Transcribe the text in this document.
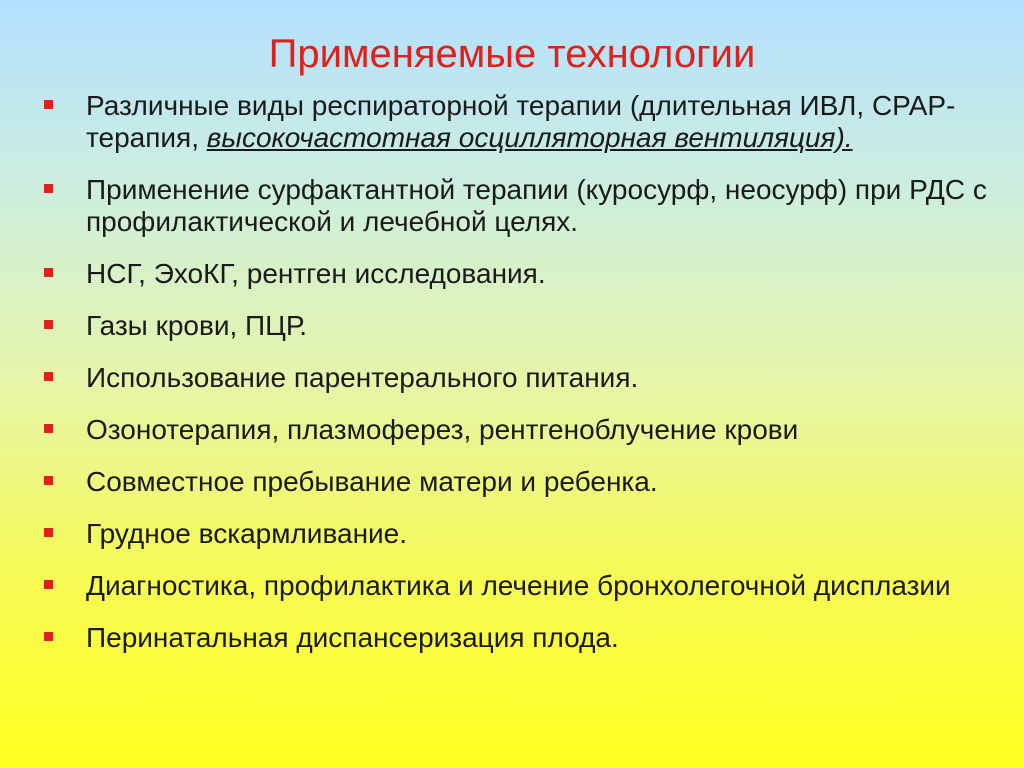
Применяемые технологии
Различные виды респираторной терапии (длительная ИВЛ, CPAP-терапия, высокочастотная осцилляторная вентиляция).
Применение сурфактантной терапии (куросурф, неосурф) при РДС с профилактической и лечебной целях.
НСГ, ЭхоКГ, рентген исследования.
Газы крови, ПЦР.
Использование парентерального питания.
Озонотерапия, плазмоферез, рентгеноблучение крови
Совместное пребывание матери и ребенка.
Грудное вскармливание.
Диагностика, профилактика и лечение бронхолегочной дисплазии
Перинатальная диспансеризация плода.
